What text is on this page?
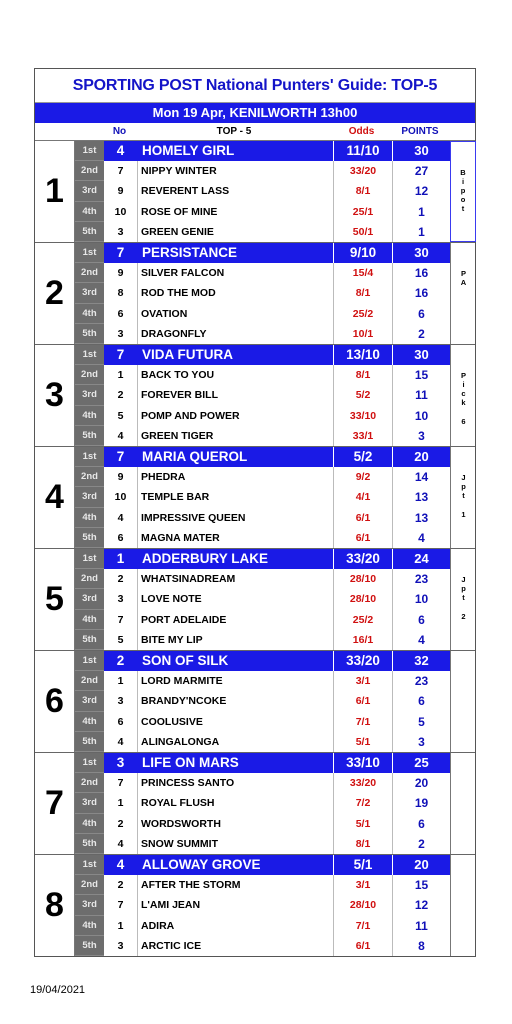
SPORTING POST National Punters' Guide: TOP-5
Mon 19 Apr, KENILWORTH 13h00
No	TOP - 5	Odds	POINTS
1
1st	4	HOMELY GIRL	11/10	30
2nd	7	NIPPY WINTER	33/20	27
3rd	9	REVERENT LASS	8/1	12
4th	10	ROSE OF MINE	25/1	1
5th	3	GREEN GENIE	50/1	1
B
i
p
o
t
2
1st	7	PERSISTANCE	9/10	30
2nd	9	SILVER FALCON	15/4	16
3rd	8	ROD THE MOD	8/1	16
4th	6	OVATION	25/2	6
5th	3	DRAGONFLY	10/1	2
P
A
3
1st	7	VIDA FUTURA	13/10	30
2nd	1	BACK TO YOU	8/1	15
3rd	2	FOREVER BILL	5/2	11
4th	5	POMP AND POWER	33/10	10
5th	4	GREEN TIGER	33/1	3
P
i
c
k
6
4
1st	7	MARIA QUEROL	5/2	20
2nd	9	PHEDRA	9/2	14
3rd	10	TEMPLE BAR	4/1	13
4th	4	IMPRESSIVE QUEEN	6/1	13
5th	6	MAGNA MATER	6/1	4
J
p
t
1
5
1st	1	ADDERBURY LAKE	33/20	24
2nd	2	WHATSINADREAM	28/10	23
3rd	3	LOVE NOTE	28/10	10
4th	7	PORT ADELAIDE	25/2	6
5th	5	BITE MY LIP	16/1	4
J
p
t
2
6
1st	2	SON OF SILK	33/20	32
2nd	1	LORD MARMITE	3/1	23
3rd	3	BRANDY'NCOKE	6/1	6
4th	6	COOLUSIVE	7/1	5
5th	4	ALINGALONGA	5/1	3
7
1st	3	LIFE ON MARS	33/10	25
2nd	7	PRINCESS SANTO	33/20	20
3rd	1	ROYAL FLUSH	7/2	19
4th	2	WORDSWORTH	5/1	6
5th	4	SNOW SUMMIT	8/1	2
8
1st	4	ALLOWAY GROVE	5/1	20
2nd	2	AFTER THE STORM	3/1	15
3rd	7	L'AMI JEAN	28/10	12
4th	1	ADIRA	7/1	11
5th	3	ARCTIC ICE	6/1	8
19/04/2021
